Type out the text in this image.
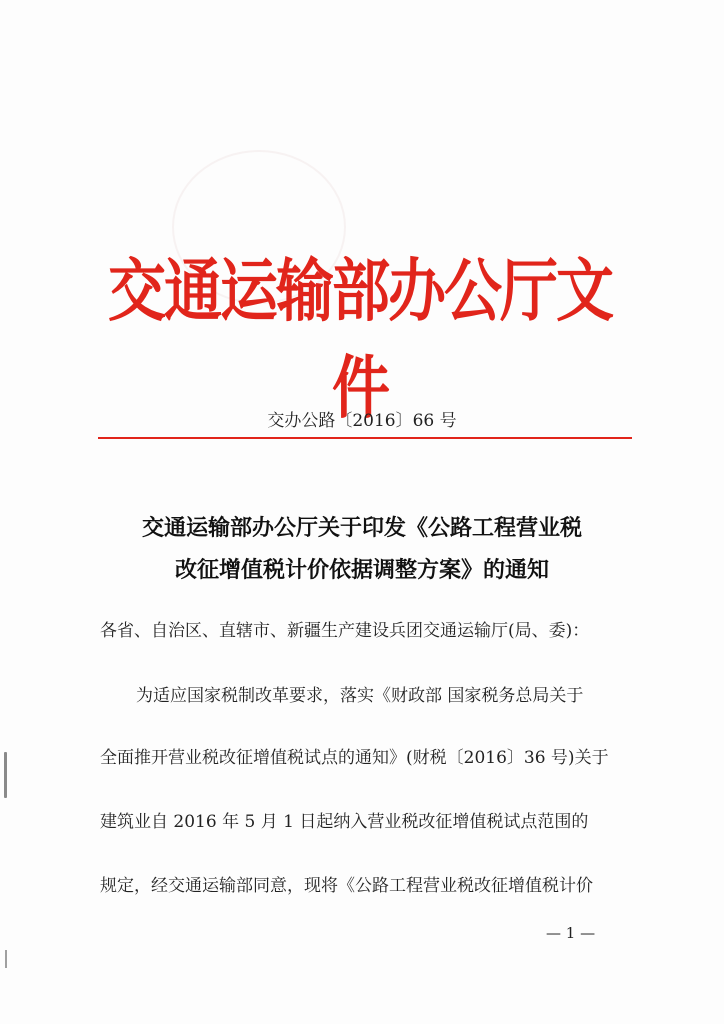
交通运输部办公厅文件
交办公路〔2016〕66 号
交通运输部办公厅关于印发《公路工程营业税
改征增值税计价依据调整方案》的通知
各省、自治区、直辖市、新疆生产建设兵团交通运输厅(局、委)：
为适应国家税制改革要求，落实《财政部 国家税务总局关于
全面推开营业税改征增值税试点的通知》(财税〔2016〕36 号)关于
建筑业自 2016 年 5 月 1 日起纳入营业税改征增值税试点范围的
规定，经交通运输部同意，现将《公路工程营业税改征增值税计价
— 1 —
